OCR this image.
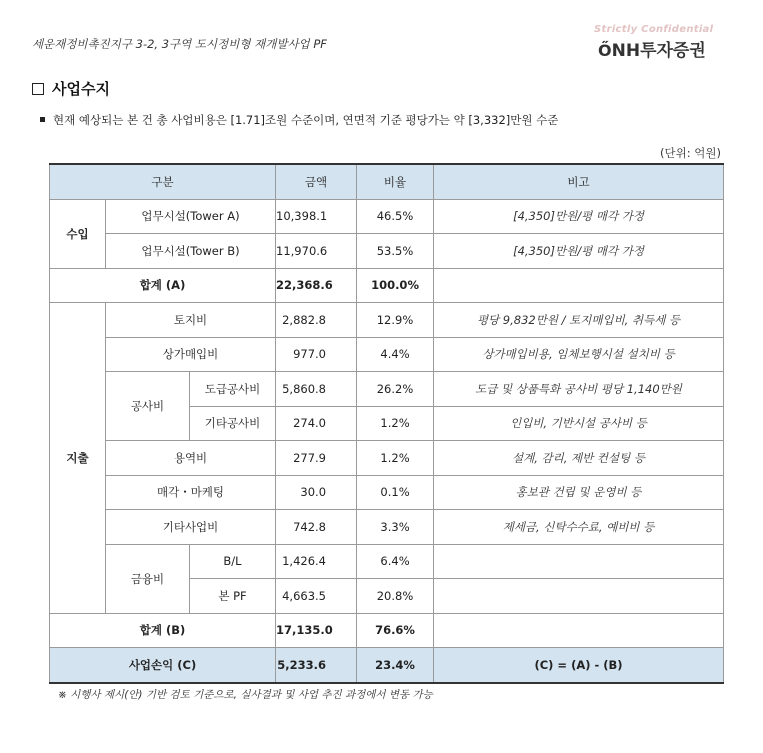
세운재정비촉진지구 3-2, 3구역 도시정비형 재개발사업 PF
Strictly Confidential
ŐNH투자증권
사업수지
현재 예상되는 본 건 총 사업비용은 [1.71]조원 수준이며, 연면적 기준 평당가는 약 [3,332]만원 수준
(단위: 억원)
구분			금액	비율	비고
수입	업무시설(Tower A)		10,398.1	46.5%	[4,350]만원/평 매각 가정
	업무시설(Tower B)		11,970.6	53.5%	[4,350]만원/평 매각 가정
합계 (A)			22,368.6	100.0%	
지출	토지비		2,882.8	12.9%	평당 9,832만원 / 토지매입비, 취득세 등
	상가매입비		977.0	4.4%	상가매입비용, 임체보행시설 설치비 등
	공사비	도급공사비	5,860.8	26.2%	도급 및 상품특화 공사비 평당 1,140만원
		기타공사비	274.0	1.2%	인입비, 기반시설 공사비 등
	용역비		277.9	1.2%	설계, 감리, 제반 컨설팅 등
	매각・마케팅		30.0	0.1%	홍보관 건립 및 운영비 등
	기타사업비		742.8	3.3%	제세금, 신탁수수료, 예비비 등
	금융비	B/L	1,426.4	6.4%	
		본 PF	4,663.5	20.8%	
합계 (B)			17,135.0	76.6%	
사업손익 (C)			5,233.6	23.4%	(C) = (A) - (B)
※ 시행사 제시(안) 기반 검토 기준으로, 실사결과 및 사업 추진 과정에서 변동 가능
